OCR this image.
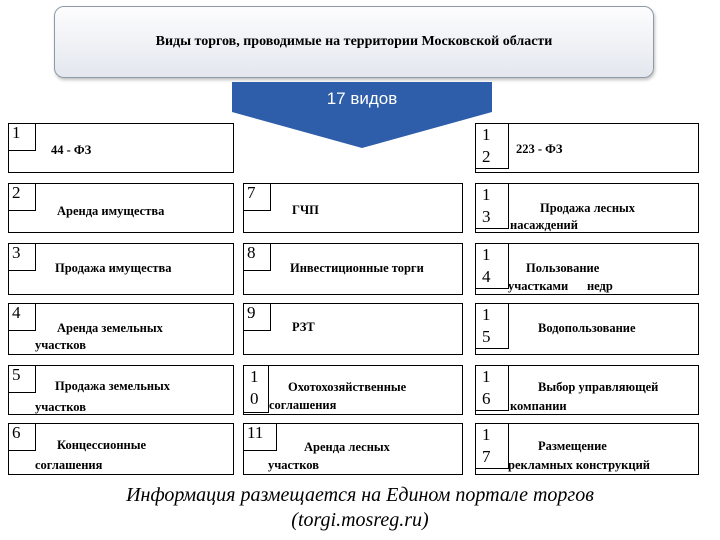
Виды торгов, проводимые на территории Московской области
17 видов
1
44 - ФЗ
2
Аренда имущества
3
Продажа имущества
4
Аренда земельных
участков
5
Продажа земельных
участков
6
Концессионные
соглашения
7
ГЧП
8
Инвестиционные торги
9
РЗТ
1
0
Охотохозяйственные
соглашения
11
Аренда лесных
участков
1
2	223 - ФЗ
1
3	Продажа лесных
насаждений
1
4	Пользование
участками      недр
1
5	Водопользование
1
6
Выбор управляющей
компании
1
7
Размещение
рекламных конструкций
Информация размещается на Едином портале торгов
(torgi.mosreg.ru)
